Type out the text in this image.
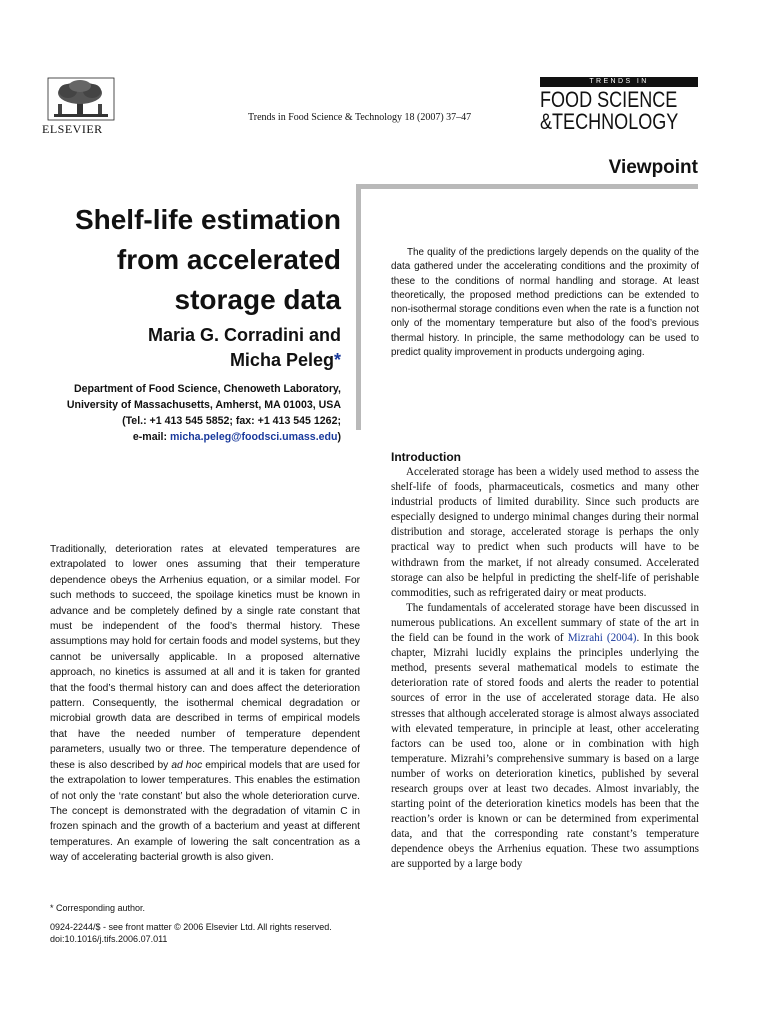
ELSEVIER
Trends in Food Science & Technology 18 (2007) 37–47
TRENDS IN
FOOD SCIENCE
&TECHNOLOGY
Viewpoint
Shelf-life estimation
from accelerated
storage data
Maria G. Corradini and
Micha Peleg*
Department of Food Science, Chenoweth Laboratory,
University of Massachusetts, Amherst, MA 01003, USA
(Tel.: +1 413 545 5852; fax: +1 413 545 1262;
e-mail: micha.peleg@foodsci.umass.edu)
Traditionally, deterioration rates at elevated temperatures are extrapolated to lower ones assuming that their temperature dependence obeys the Arrhenius equation, or a similar model. For such methods to succeed, the spoilage kinetics must be known in advance and be completely defined by a single rate constant that must be independent of the food’s thermal history. These assumptions may hold for certain foods and model systems, but they cannot be universally applicable. In a proposed alternative approach, no kinetics is assumed at all and it is taken for granted that the food’s thermal history can and does affect the deterioration pattern. Consequently, the isothermal chemical degradation or microbial growth data are described in terms of empirical models that have the needed number of temperature dependent parameters, usually two or three. The temperature dependence of these is also described by ad hoc empirical models that are used for the extrapolation to lower temperatures. This enables the estimation of not only the ‘rate constant’ but also the whole deterioration curve. The concept is demonstrated with the degradation of vitamin C in frozen spinach and the growth of a bacterium and yeast at different temperatures. An example of lowering the salt concentration as a way of accelerating bacterial growth is also given.
The quality of the predictions largely depends on the quality of the data gathered under the accelerating conditions and the proximity of these to the conditions of normal handling and storage. At least theoretically, the proposed method predictions can be extended to non-isothermal storage conditions even when the rate is a function not only of the momentary temperature but also of the food’s previous thermal history. In principle, the same methodology can be used to predict quality improvement in products undergoing aging.
* Corresponding author.
0924-2244/$ - see front matter © 2006 Elsevier Ltd. All rights reserved.
doi:10.1016/j.tifs.2006.07.011
Introduction

Accelerated storage has been a widely used method to assess the shelf-life of foods, pharmaceuticals, cosmetics and many other industrial products of limited durability. Since such products are especially designed to undergo minimal changes during their normal distribution and storage, accelerated storage is perhaps the only practical way to predict when such products will have to be withdrawn from the market, if not already consumed. Accelerated storage can also be helpful in predicting the shelf-life of perishable commodities, such as refrigerated dairy or meat products.

The fundamentals of accelerated storage have been discussed in numerous publications. An excellent summary of state of the art in the field can be found in the work of Mizrahi (2004). In this book chapter, Mizrahi lucidly explains the principles underlying the method, presents several mathematical models to estimate the deterioration rate of stored foods and alerts the reader to potential sources of error in the use of accelerated storage data. He also stresses that although accelerated storage is almost always associated with elevated temperature, in principle at least, other accelerating factors can be used too, alone or in combination with high temperature. Mizrahi’s comprehensive summary is based on a large number of works on deterioration kinetics, published by several research groups over at least two decades. Almost invariably, the starting point of the deterioration kinetics models has been that the reaction’s order is known or can be determined from experimental data, and that the corresponding rate constant’s temperature dependence obeys the Arrhenius equation. These two assumptions are supported by a large body
